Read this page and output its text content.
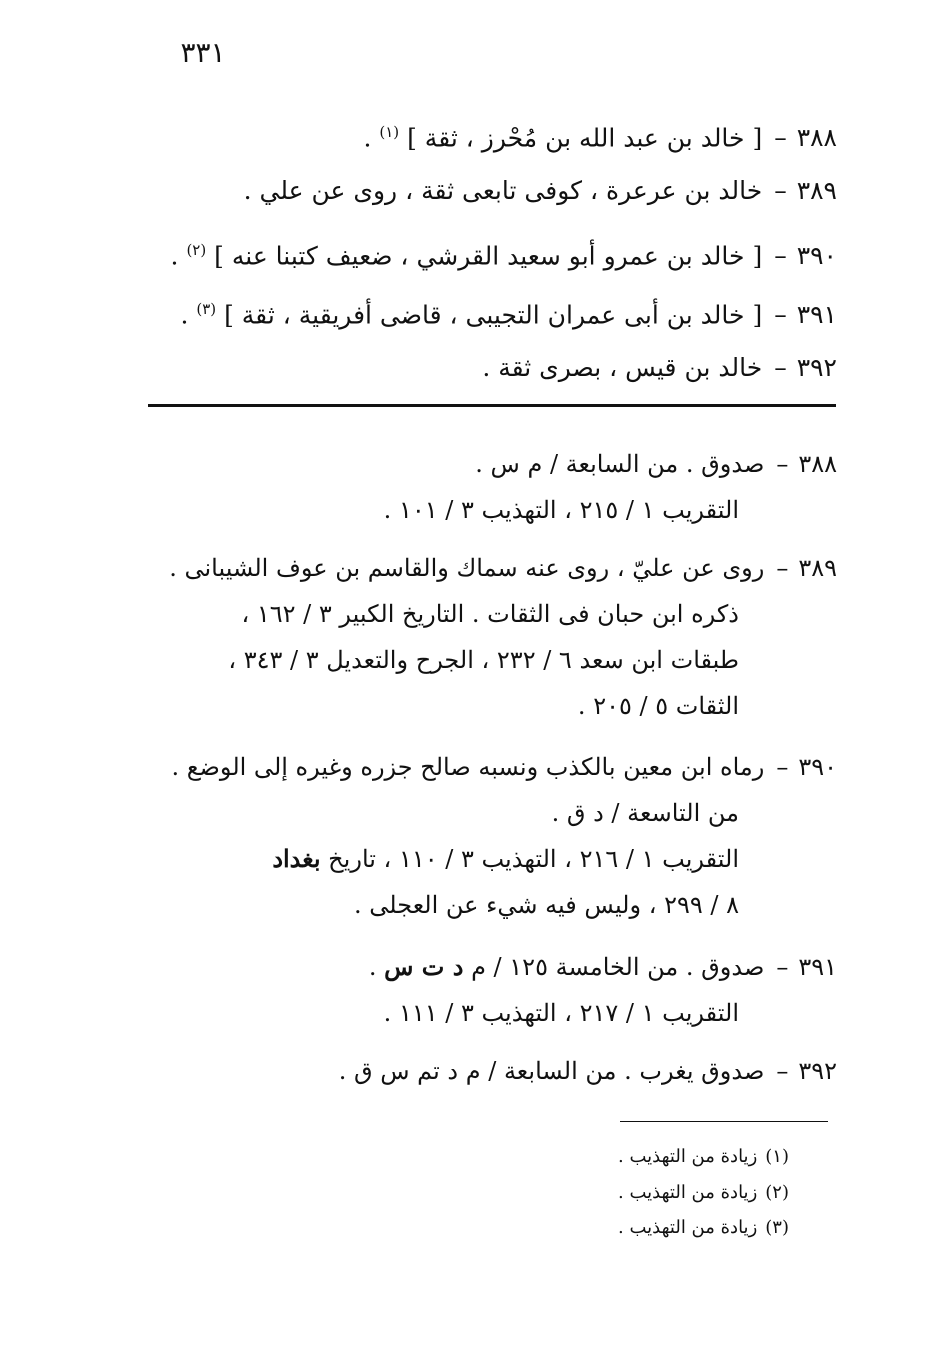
٣٣١
٣٨٨–[ خالد بن عبد الله بن مُحْرز ، ثقة ] $^{(١)}$ .
٣٨٩–خالد بن عرعرة ، كوفى تابعى ثقة ، روى عن علي .
٣٩٠–[ خالد بن عمرو أبو سعيد القرشي ، ضعيف كتبنا عنه ] $^{(٢)}$ .
٣٩١–[ خالد بن أبى عمران التجيبى ، قاضى أفريقية ، ثقة ] $^{(٣)}$ .
٣٩٢–خالد بن قيس ، بصرى ثقة .
٣٨٨–صدوق . من السابعة / م س .
التقريب ١ / ٢١٥ ، التهذيب ٣ / ١٠١ .
٣٨٩–روى عن عليّ ، روى عنه سماك والقاسم بن عوف الشيبانى .
ذكره ابن حبان فى الثقات . التاريخ الكبير ٣ / ١٦٢ ،
طبقات ابن سعد ٦ / ٢٣٢ ، الجرح والتعديل ٣ / ٣٤٣ ،
الثقات ٥ / ٢٠٥ .
٣٩٠–رماه ابن معين بالكذب ونسبه صالح جزره وغيره إلى الوضع .
من التاسعة / د ق .
التقريب ١ / ٢١٦ ، التهذيب ٣ / ١١٠ ، تاريخ بغداد
٨ / ٢٩٩ ، وليس فيه شيء عن العجلى .
٣٩١–صدوق . من الخامسة ١٢٥ / م د ت س .
التقريب ١ / ٢١٧ ، التهذيب ٣ / ١١١ .
٣٩٢–صدوق يغرب . من السابعة / م د تم س ق .
(١)زيادة من التهذيب .
(٢)زيادة من التهذيب .
(٣)زيادة من التهذيب .
